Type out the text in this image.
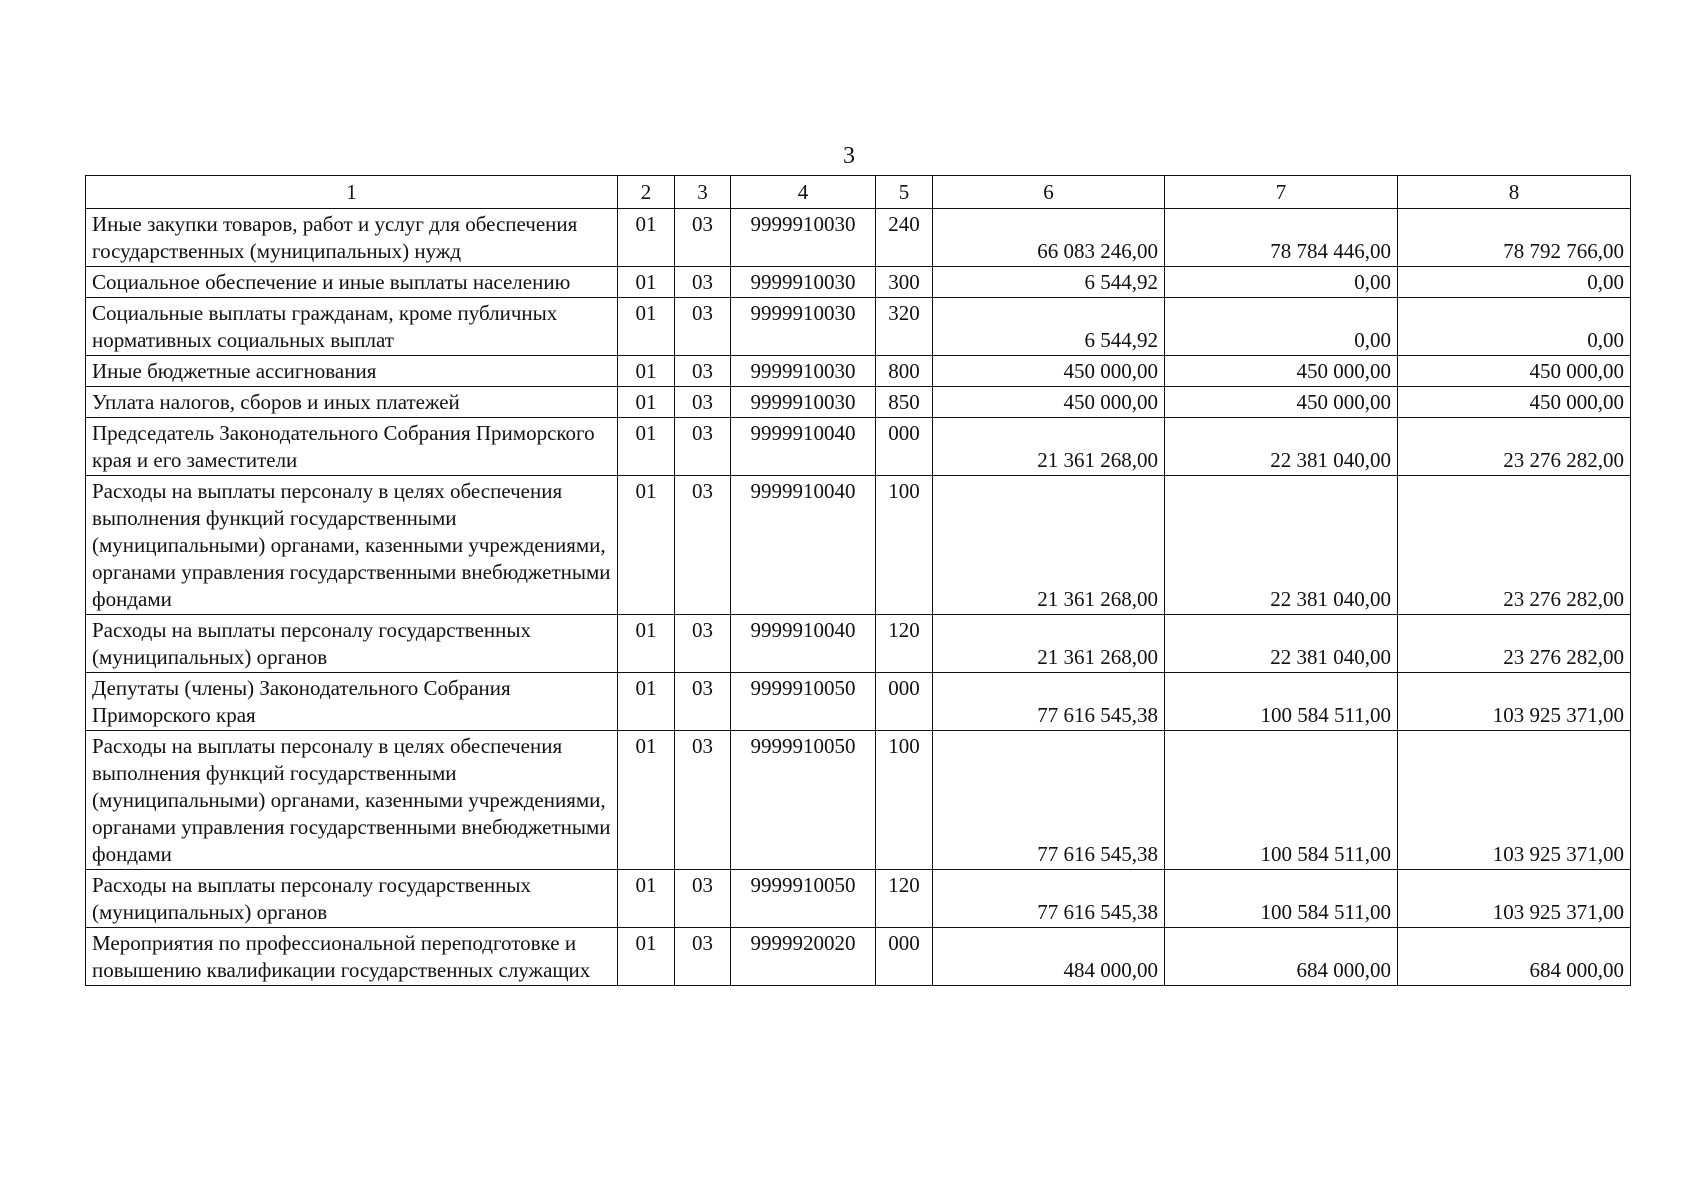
3
1	2	3	4	5	6	7	8
Иные закупки товаров, работ и услуг для обеспечения государственных (муниципальных) нужд	01	03	9999910030	240	66 083 246,00	78 784 446,00	78 792 766,00
Социальное обеспечение и иные выплаты населению	01	03	9999910030	300	6 544,92	0,00	0,00
Социальные выплаты гражданам, кроме публичных нормативных социальных выплат	01	03	9999910030	320	6 544,92	0,00	0,00
Иные бюджетные ассигнования	01	03	9999910030	800	450 000,00	450 000,00	450 000,00
Уплата налогов, сборов и иных платежей	01	03	9999910030	850	450 000,00	450 000,00	450 000,00
Председатель Законодательного Собрания Приморского края и его заместители	01	03	9999910040	000	21 361 268,00	22 381 040,00	23 276 282,00
Расходы на выплаты персоналу в целях обеспечения выполнения функций государственными (муниципальными) органами, казенными учреждениями, органами управления государственными внебюджетными фондами	01	03	9999910040	100	21 361 268,00	22 381 040,00	23 276 282,00
Расходы на выплаты персоналу государственных (муниципальных) органов	01	03	9999910040	120	21 361 268,00	22 381 040,00	23 276 282,00
Депутаты (члены) Законодательного Собрания Приморского края	01	03	9999910050	000	77 616 545,38	100 584 511,00	103 925 371,00
Расходы на выплаты персоналу в целях обеспечения выполнения функций государственными (муниципальными) органами, казенными учреждениями, органами управления государственными внебюджетными фондами	01	03	9999910050	100	77 616 545,38	100 584 511,00	103 925 371,00
Расходы на выплаты персоналу государственных (муниципальных) органов	01	03	9999910050	120	77 616 545,38	100 584 511,00	103 925 371,00
Мероприятия по профессиональной переподготовке и повышению квалификации государственных служащих	01	03	9999920020	000	484 000,00	684 000,00	684 000,00
